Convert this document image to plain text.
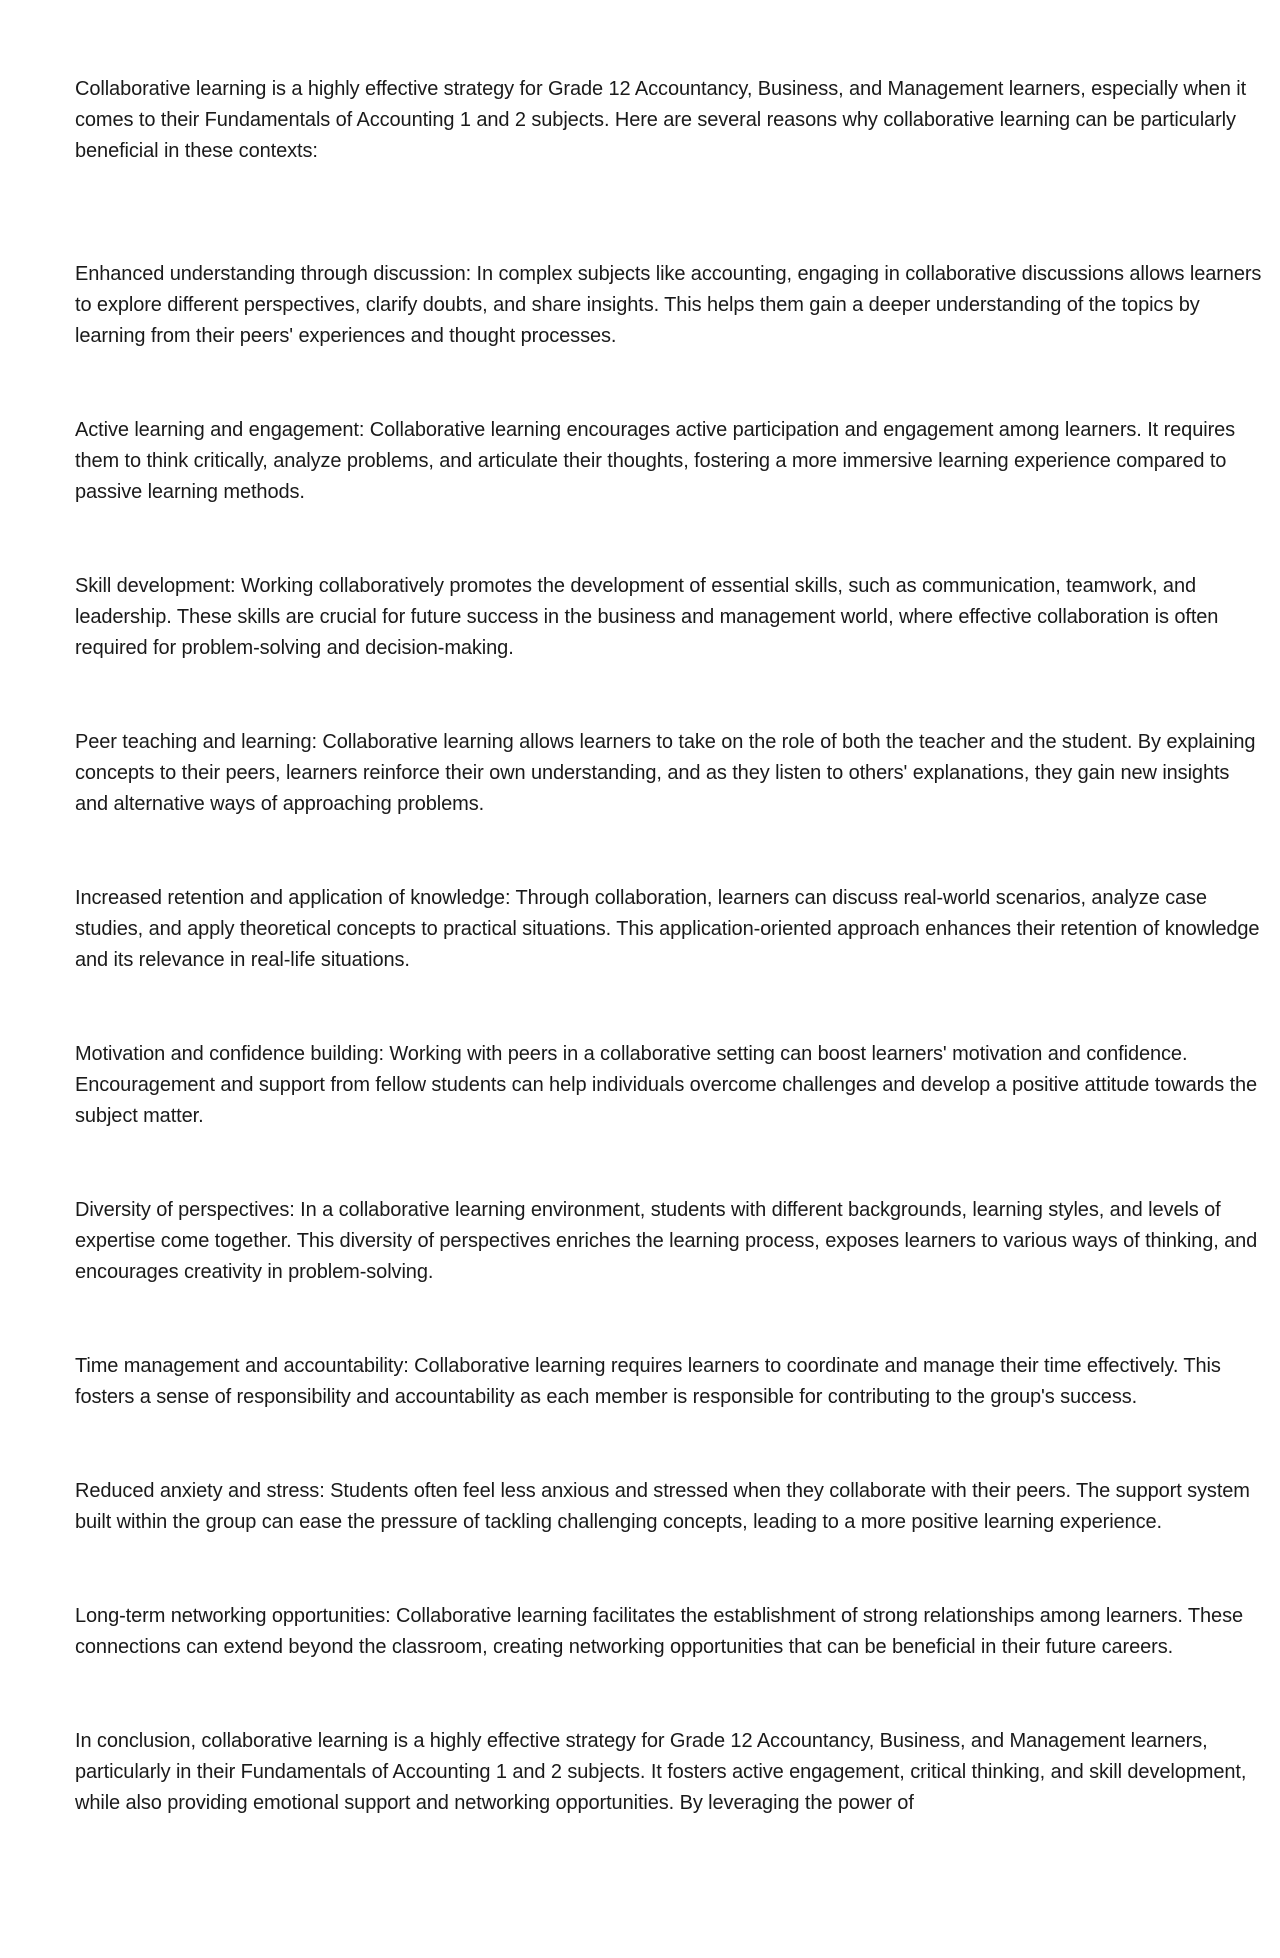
Collaborative learning is a highly effective strategy for Grade 12 Accountancy, Business, and Management learners, especially when it comes to their Fundamentals of Accounting 1 and 2 subjects. Here are several reasons why collaborative learning can be particularly beneficial in these contexts:

Enhanced understanding through discussion: In complex subjects like accounting, engaging in collaborative discussions allows learners to explore different perspectives, clarify doubts, and share insights. This helps them gain a deeper understanding of the topics by learning from their peers' experiences and thought processes.

Active learning and engagement: Collaborative learning encourages active participation and engagement among learners. It requires them to think critically, analyze problems, and articulate their thoughts, fostering a more immersive learning experience compared to passive learning methods.

Skill development: Working collaboratively promotes the development of essential skills, such as communication, teamwork, and leadership. These skills are crucial for future success in the business and management world, where effective collaboration is often required for problem-solving and decision-making.

Peer teaching and learning: Collaborative learning allows learners to take on the role of both the teacher and the student. By explaining concepts to their peers, learners reinforce their own understanding, and as they listen to others' explanations, they gain new insights and alternative ways of approaching problems.

Increased retention and application of knowledge: Through collaboration, learners can discuss real-world scenarios, analyze case studies, and apply theoretical concepts to practical situations. This application-oriented approach enhances their retention of knowledge and its relevance in real-life situations.

Motivation and confidence building: Working with peers in a collaborative setting can boost learners' motivation and confidence. Encouragement and support from fellow students can help individuals overcome challenges and develop a positive attitude towards the subject matter.

Diversity of perspectives: In a collaborative learning environment, students with different backgrounds, learning styles, and levels of expertise come together. This diversity of perspectives enriches the learning process, exposes learners to various ways of thinking, and encourages creativity in problem-solving.

Time management and accountability: Collaborative learning requires learners to coordinate and manage their time effectively. This fosters a sense of responsibility and accountability as each member is responsible for contributing to the group's success.

Reduced anxiety and stress: Students often feel less anxious and stressed when they collaborate with their peers. The support system built within the group can ease the pressure of tackling challenging concepts, leading to a more positive learning experience.

Long-term networking opportunities: Collaborative learning facilitates the establishment of strong relationships among learners. These connections can extend beyond the classroom, creating networking opportunities that can be beneficial in their future careers.

In conclusion, collaborative learning is a highly effective strategy for Grade 12 Accountancy, Business, and Management learners, particularly in their Fundamentals of Accounting 1 and 2 subjects. It fosters active engagement, critical thinking, and skill development, while also providing emotional support and networking opportunities. By leveraging the power of
